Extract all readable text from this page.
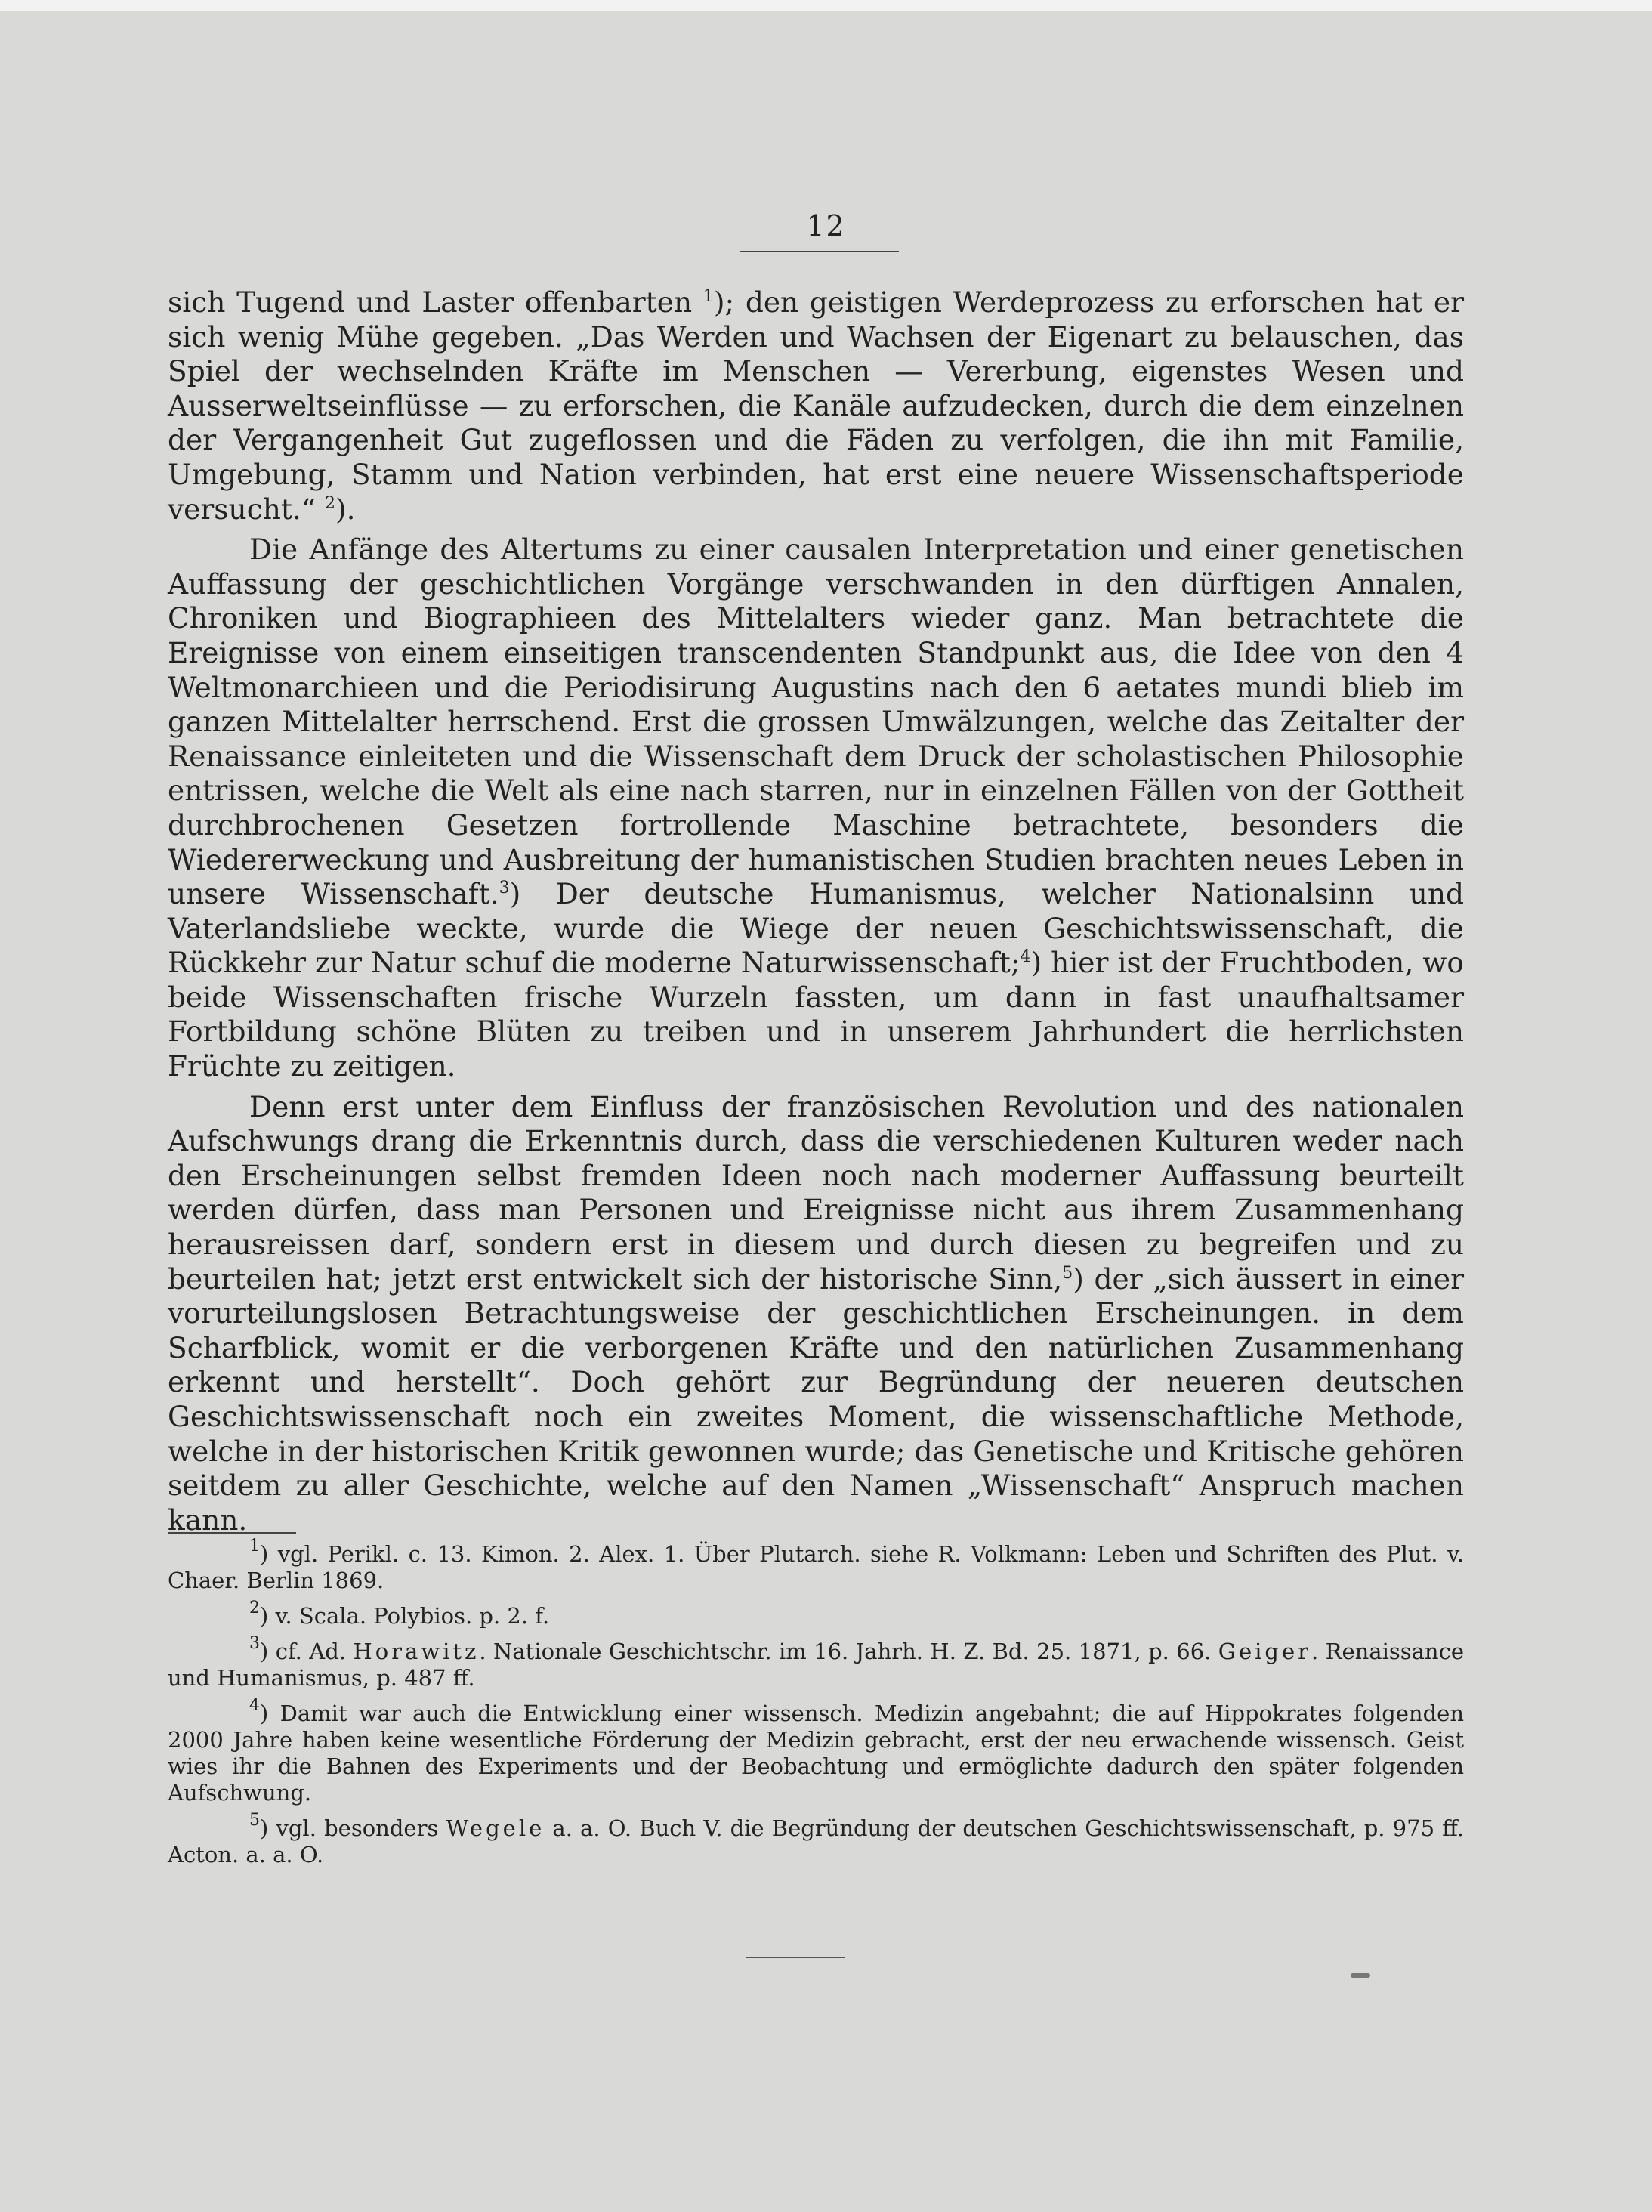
12

sich Tugend und Laster offenbarten $^1$); den geistigen Werdeprozess zu erforschen hat er sich wenig Mühe gegeben. „Das Werden und Wachsen der Eigenart zu belauschen, das Spiel der wechselnden Kräfte im Menschen — Vererbung, eigenstes Wesen und Ausserweltseinflüsse — zu erforschen, die Kanäle aufzudecken, durch die dem einzelnen der Vergangenheit Gut zugeflossen und die Fäden zu verfolgen, die ihn mit Familie, Umgebung, Stamm und Nation verbinden, hat erst eine neuere Wissenschaftsperiode versucht.“ $^2$).

Die Anfänge des Altertums zu einer causalen Interpretation und einer genetischen Auffassung der geschichtlichen Vorgänge verschwanden in den dürftigen Annalen, Chroniken und Biographieen des Mittelalters wieder ganz. Man betrachtete die Ereignisse von einem einseitigen transcendenten Standpunkt aus, die Idee von den 4 Weltmonarchieen und die Periodisirung Augustins nach den 6 aetates mundi blieb im ganzen Mittelalter herrschend. Erst die grossen Umwälzungen, welche das Zeitalter der Renaissance einleiteten und die Wissenschaft dem Druck der scholastischen Philosophie entrissen, welche die Welt als eine nach starren, nur in einzelnen Fällen von der Gottheit durchbrochenen Gesetzen fortrollende Maschine betrachtete, besonders die Wiedererweckung und Ausbreitung der humanistischen Studien brachten neues Leben in unsere Wissenschaft.$^3$) Der deutsche Humanismus, welcher Nationalsinn und Vaterlandsliebe weckte, wurde die Wiege der neuen Geschichtswissenschaft, die Rückkehr zur Natur schuf die moderne Naturwissenschaft;$^4$) hier ist der Fruchtboden, wo beide Wissenschaften frische Wurzeln fassten, um dann in fast unaufhaltsamer Fortbildung schöne Blüten zu treiben und in unserem Jahrhundert die herrlichsten Früchte zu zeitigen.

Denn erst unter dem Einfluss der französischen Revolution und des nationalen Aufschwungs drang die Erkenntnis durch, dass die verschiedenen Kulturen weder nach den Erscheinungen selbst fremden Ideen noch nach moderner Auffassung beurteilt werden dürfen, dass man Personen und Ereignisse nicht aus ihrem Zusammenhang herausreissen darf, sondern erst in diesem und durch diesen zu begreifen und zu beurteilen hat; jetzt erst entwickelt sich der historische Sinn,$^5$) der „sich äussert in einer vorurteilungslosen Betrachtungsweise der geschichtlichen Erscheinungen. in dem Scharfblick, womit er die verborgenen Kräfte und den natürlichen Zusammenhang erkennt und herstellt“. Doch gehört zur Begründung der neueren deutschen Geschichtswissenschaft noch ein zweites Moment, die wissenschaftliche Methode, welche in der historischen Kritik gewonnen wurde; das Genetische und Kritische gehören seitdem zu aller Geschichte, welche auf den Namen „Wissenschaft“ Anspruch machen kann.

$^1$) vgl. Perikl. c. 13. Kimon. 2. Alex. 1. Über Plutarch. siehe R. Volkmann: Leben und Schriften des Plut. v. Chaer. Berlin 1869.

$^2$) v. Scala. Polybios. p. 2. f.

$^3$) cf. Ad. Horawitz. Nationale Geschichtschr. im 16. Jahrh. H. Z. Bd. 25. 1871, p. 66. Geiger. Renaissance und Humanismus, p. 487 ff.

$^4$) Damit war auch die Entwicklung einer wissensch. Medizin angebahnt; die auf Hippokrates folgenden 2000 Jahre haben keine wesentliche Förderung der Medizin gebracht, erst der neu erwachende wissensch. Geist wies ihr die Bahnen des Experiments und der Beobachtung und ermöglichte dadurch den später folgenden Aufschwung.

$^5$) vgl. besonders Wegele a. a. O. Buch V. die Begründung der deutschen Geschichtswissenschaft, p. 975 ff. Acton. a. a. O.
